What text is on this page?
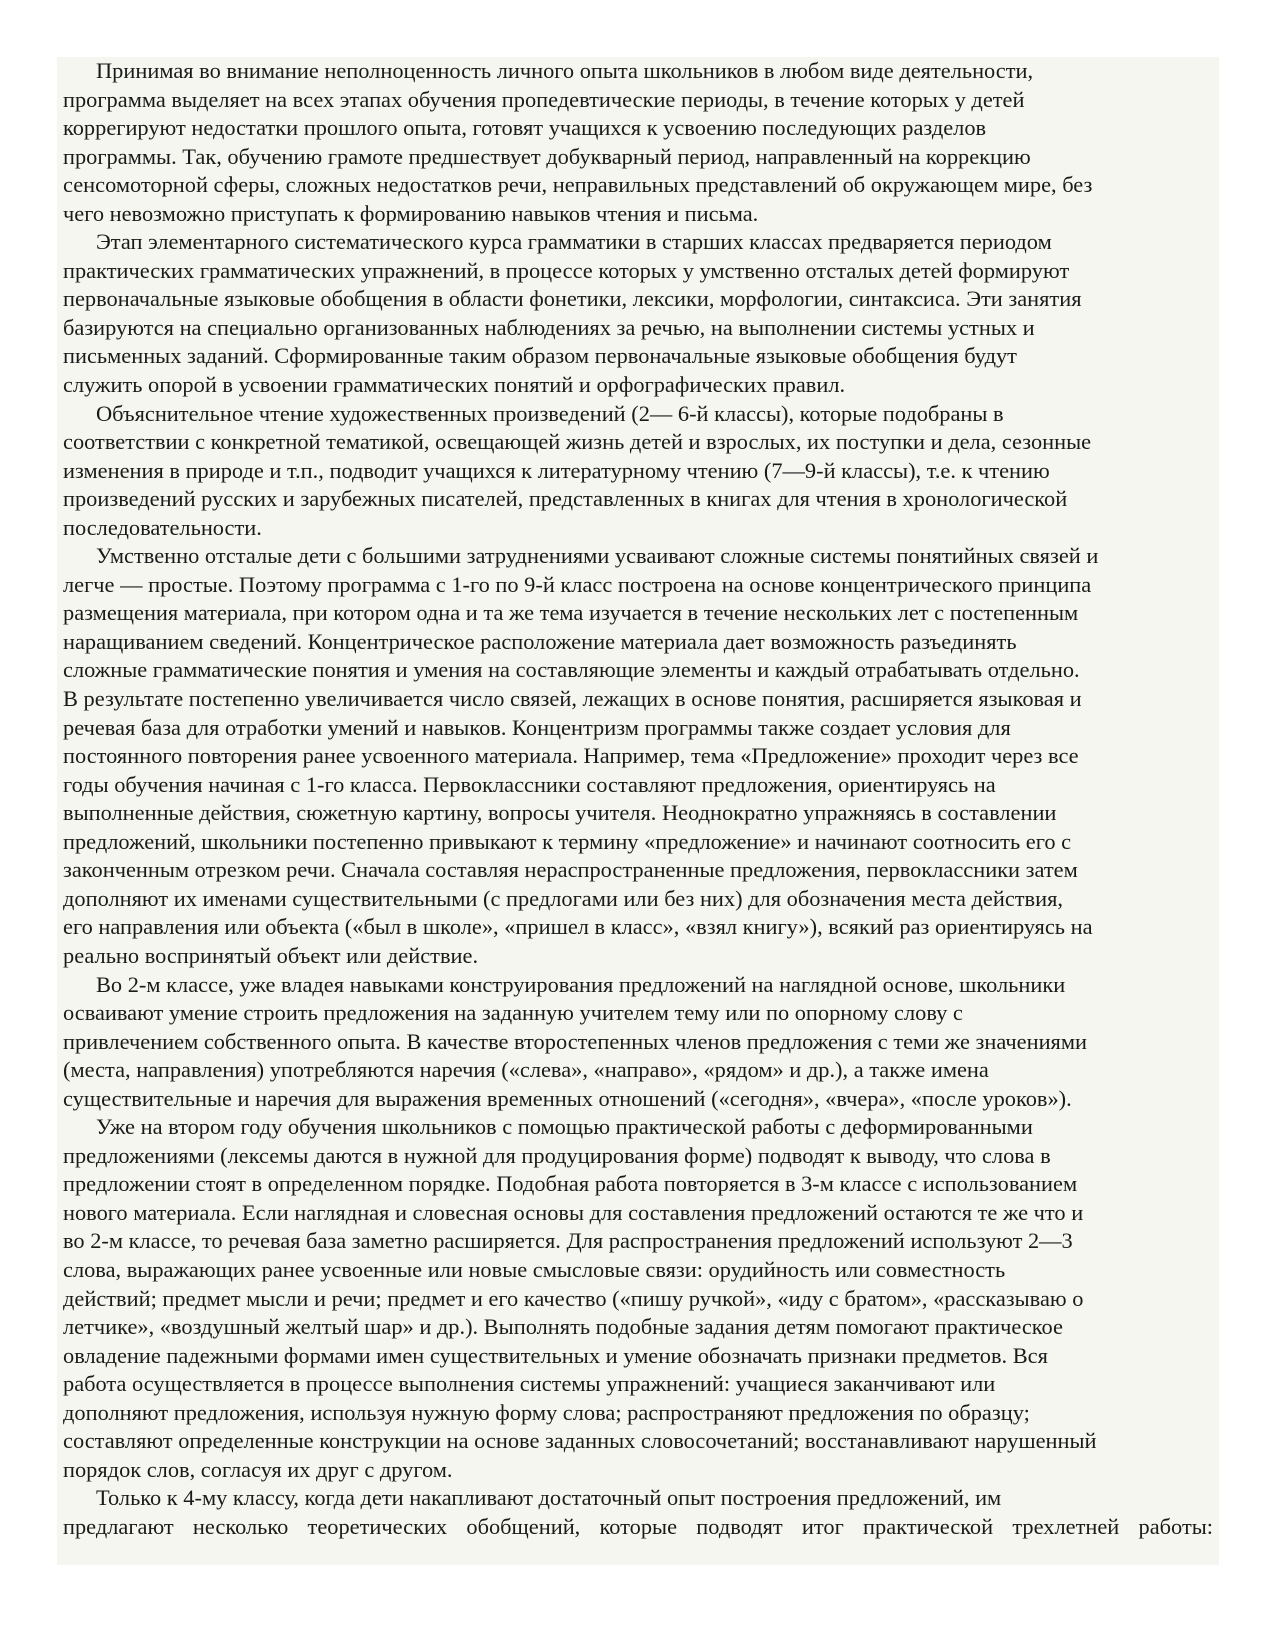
Принимая во внимание неполноценность личного опыта школьников в любом виде деятельности,
программа выделяет на всех этапах обучения пропедевтические периоды, в течение которых у детей
коррегируют недостатки прошлого опыта, готовят учащихся к усвоению последующих разделов
программы. Так, обучению грамоте предшествует добукварный период, направленный на коррекцию
сенсомоторной сферы, сложных недостатков речи, неправильных представлений об окружающем мире, без
чего невозможно приступать к формированию навыков чтения и письма.
Этап элементарного систематического курса грамматики в старших классах предваряется периодом
практических грамматических упражнений, в процессе которых у умственно отсталых детей формируют
первоначальные языковые обобщения в области фонетики, лексики, морфологии, синтаксиса. Эти занятия
базируются на специально организованных наблюдениях за речью, на выполнении системы устных и
письменных заданий. Сформированные таким образом первоначальные языковые обобщения будут
служить опорой в усвоении грамматических понятий и орфографических правил.
Объяснительное чтение художественных произведений (2— 6-й классы), которые подобраны в
соответствии с конкретной тематикой, освещающей жизнь детей и взрослых, их поступки и дела, сезонные
изменения в природе и т.п., подводит учащихся к литературному чтению (7—9-й классы), т.е. к чтению
произведений русских и зарубежных писателей, представленных в книгах для чтения в хронологической
последовательности.
Умственно отсталые дети с большими затруднениями усваивают сложные системы понятийных связей и
легче — простые. Поэтому программа с 1-го по 9-й класс построена на основе концентрического принципа
размещения материала, при котором одна и та же тема изучается в течение нескольких лет с постепенным
наращиванием сведений. Концентрическое расположение материала дает возможность разъединять
сложные грамматические понятия и умения на составляющие элементы и каждый отрабатывать отдельно.
В результате постепенно увеличивается число связей, лежащих в основе понятия, расширяется языковая и
речевая база для отработки умений и навыков. Концентризм программы также создает условия для
постоянного повторения ранее усвоенного материала. Например, тема «Предложение» проходит через все
годы обучения начиная с 1-го класса. Первоклассники составляют предложения, ориентируясь на
выполненные действия, сюжетную картину, вопросы учителя. Неоднократно упражняясь в составлении
предложений, школьники постепенно привыкают к термину «предложение» и начинают соотносить его с
законченным отрезком речи. Сначала составляя нераспространенные предложения, первоклассники затем
дополняют их именами существительными (с предлогами или без них) для обозначения места действия,
его направления или объекта («был в школе», «пришел в класс», «взял книгу»), всякий раз ориентируясь на
реально воспринятый объект или действие.
Во 2-м классе, уже владея навыками конструирования предложений на наглядной основе, школьники
осваивают умение строить предложения на заданную учителем тему или по опорному слову с
привлечением собственного опыта. В качестве второстепенных членов предложения с теми же значениями
(места, направления) употребляются наречия («слева», «направо», «рядом» и др.), а также имена
существительные и наречия для выражения временных отношений («сегодня», «вчера», «после уроков»).
Уже на втором году обучения школьников с помощью практической работы с деформированными
предложениями (лексемы даются в нужной для продуцирования форме) подводят к выводу, что слова в
предложении стоят в определенном порядке. Подобная работа повторяется в 3-м классе с использованием
нового материала. Если наглядная и словесная основы для составления предложений остаются те же что и
во 2-м классе, то речевая база заметно расширяется. Для распространения предложений используют 2—3
слова, выражающих ранее усвоенные или новые смысловые связи: орудийность или совместность
действий; предмет мысли и речи; предмет и его качество («пишу ручкой», «иду с братом», «рассказываю о
летчике», «воздушный желтый шар» и др.). Выполнять подобные задания детям помогают практическое
овладение падежными формами имен существительных и умение обозначать признаки предметов. Вся
работа осуществляется в процессе выполнения системы упражнений: учащиеся заканчивают или
дополняют предложения, используя нужную форму слова; распространяют предложения по образцу;
составляют определенные конструкции на основе заданных словосочетаний; восстанавливают нарушенный
порядок слов, согласуя их друг с другом.
Только к 4-му классу, когда дети накапливают достаточный опыт построения предложений, им
предлагают несколько теоретических обобщений, которые подводят итог практической трехлетней работы:
